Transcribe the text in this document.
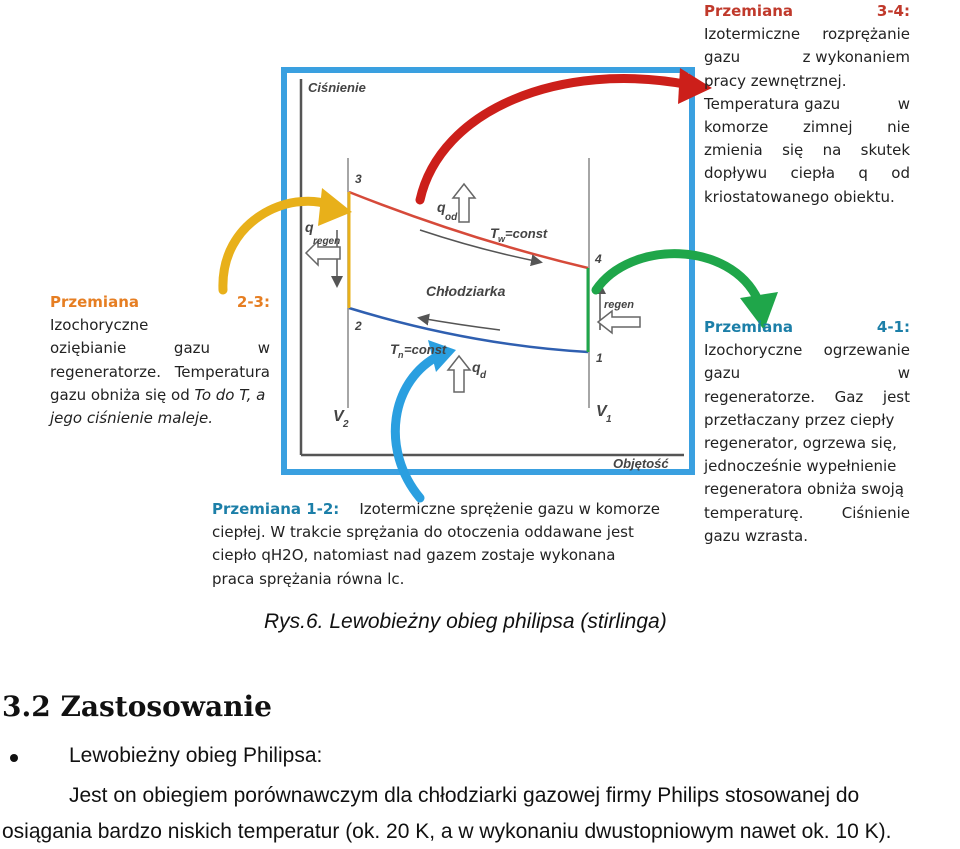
Ciśnienie
Objętość
3
4
2
1
q
regen
q
od
T w =const
Chłodziarka
regen
T n =const
q
d
V 2
V 1
Przemiana	3-4:
Izotermiczne rozprężanie
gazu	z wykonaniem
pracy zewnętrznej.
Temperatura gazu	w
komorze zimnej nie
zmienia się na skutek
dopływu ciepła q od
kriostatowanego obiektu.
Przemiana 2-3: Izochoryczne
oziębianie	gazu	w
regeneratorze. Temperatura
gazu obniża się od To do T, a
jego ciśnienie maleje.
Przemiana 1-2: Izotermiczne sprężenie gazu w komorze
ciepłej. W trakcie sprężania do otoczenia oddawane jest
ciepło qH2O, natomiast nad gazem zostaje wykonana
praca sprężania równa lc.
Przemiana	4-1:
Izochoryczne ogrzewanie
gazu	w
regeneratorze. Gaz jest
przetłaczany przez ciepły
regenerator, ogrzewa się,
jednocześnie wypełnienie
regeneratora obniża swoją
temperaturę.	Ciśnienie
gazu wzrasta.
Rys.6. Lewobieżny obieg philipsa (stirlinga)
3.2 Zastosowanie
Lewobieżny obieg Philipsa:
Jest on obiegiem porównawczym dla chłodziarki gazowej firmy Philips stosowanej do
osiągania bardzo niskich temperatur (ok. 20 K, a w wykonaniu dwustopniowym nawet ok. 10 K).
